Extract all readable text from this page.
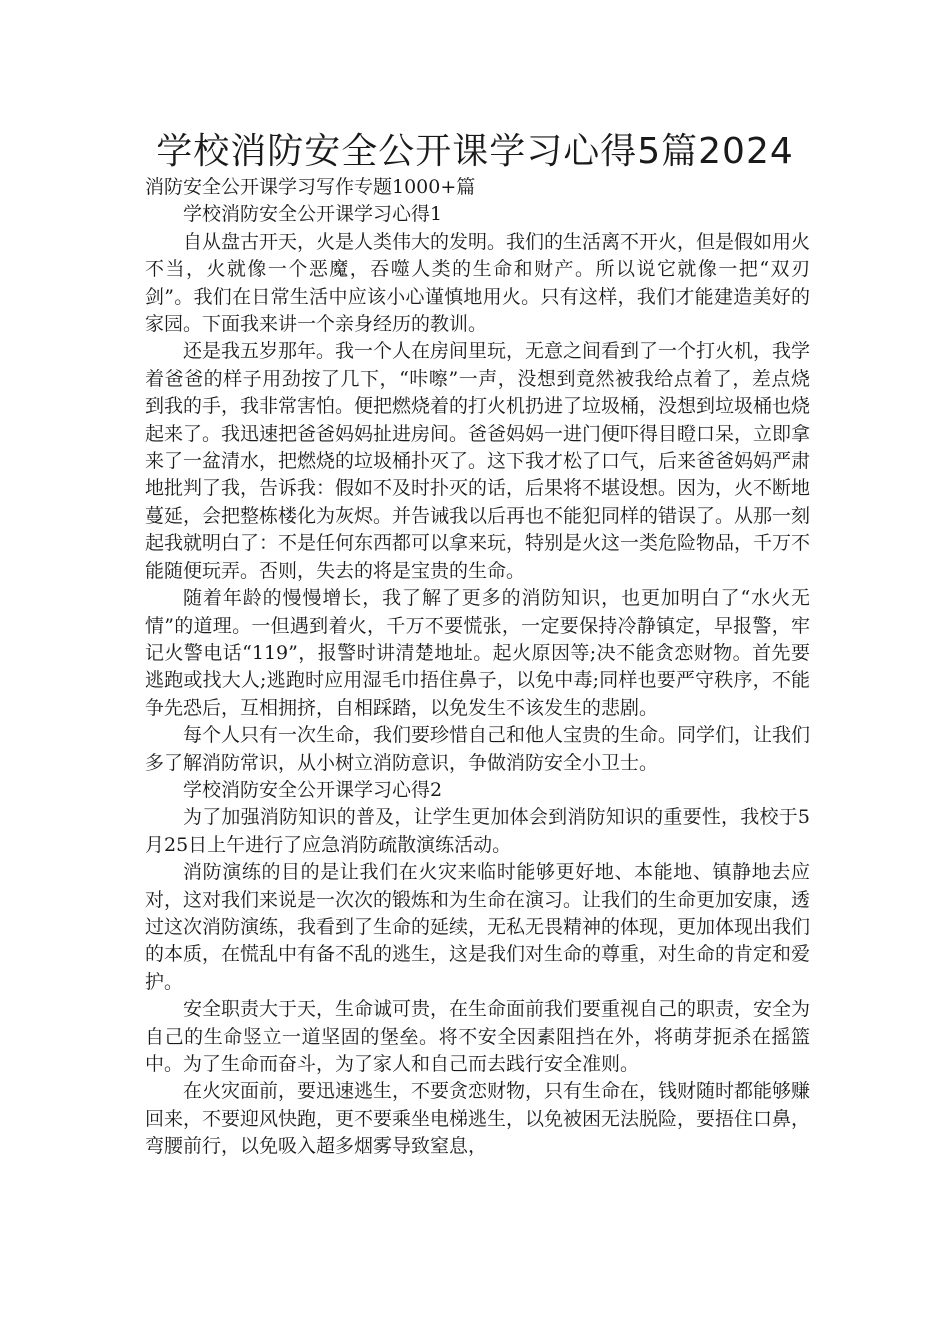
学校消防安全公开课学习心得5篇2024

消防安全公开课学习写作专题1000+篇

学校消防安全公开课学习心得1

自从盘古开天，火是人类伟大的发明。我们的生活离不开火，但是假如用火不当，火就像一个恶魔，吞噬人类的生命和财产。所以说它就像一把“双刃剑”。我们在日常生活中应该小心谨慎地用火。只有这样，我们才能建造美好的家园。下面我来讲一个亲身经历的教训。

还是我五岁那年。我一个人在房间里玩，无意之间看到了一个打火机，我学着爸爸的样子用劲按了几下，“咔嚓”一声，没想到竟然被我给点着了，差点烧到我的手，我非常害怕。便把燃烧着的打火机扔进了垃圾桶，没想到垃圾桶也烧起来了。我迅速把爸爸妈妈扯进房间。爸爸妈妈一进门便吓得目瞪口呆，立即拿来了一盆清水，把燃烧的垃圾桶扑灭了。这下我才松了口气，后来爸爸妈妈严肃地批判了我，告诉我：假如不及时扑灭的话，后果将不堪设想。因为，火不断地蔓延，会把整栋楼化为灰烬。并告诫我以后再也不能犯同样的错误了。从那一刻起我就明白了：不是任何东西都可以拿来玩，特别是火这一类危险物品，千万不能随便玩弄。否则，失去的将是宝贵的生命。

随着年龄的慢慢增长，我了解了更多的消防知识，也更加明白了“水火无情”的道理。一但遇到着火，千万不要慌张，一定要保持冷静镇定，早报警，牢记火警电话“119”，报警时讲清楚地址。起火原因等;决不能贪恋财物。首先要逃跑或找大人;逃跑时应用湿毛巾捂住鼻子，以免中毒;同样也要严守秩序，不能争先恐后，互相拥挤，自相踩踏，以免发生不该发生的悲剧。

每个人只有一次生命，我们要珍惜自己和他人宝贵的生命。同学们，让我们多了解消防常识，从小树立消防意识，争做消防安全小卫士。

学校消防安全公开课学习心得2

为了加强消防知识的普及，让学生更加体会到消防知识的重要性，我校于5月25日上午进行了应急消防疏散演练活动。

消防演练的目的是让我们在火灾来临时能够更好地、本能地、镇静地去应对，这对我们来说是一次次的锻炼和为生命在演习。让我们的生命更加安康，透过这次消防演练，我看到了生命的延续，无私无畏精神的体现，更加体现出我们的本质，在慌乱中有备不乱的逃生，这是我们对生命的尊重，对生命的肯定和爱护。

安全职责大于天，生命诚可贵，在生命面前我们要重视自己的职责，安全为自己的生命竖立一道坚固的堡垒。将不安全因素阻挡在外，将萌芽扼杀在摇篮中。为了生命而奋斗，为了家人和自己而去践行安全准则。

在火灾面前，要迅速逃生，不要贪恋财物，只有生命在，钱财随时都能够赚回来，不要迎风快跑，更不要乘坐电梯逃生，以免被困无法脱险，要捂住口鼻，弯腰前行，以免吸入超多烟雾导致窒息，
